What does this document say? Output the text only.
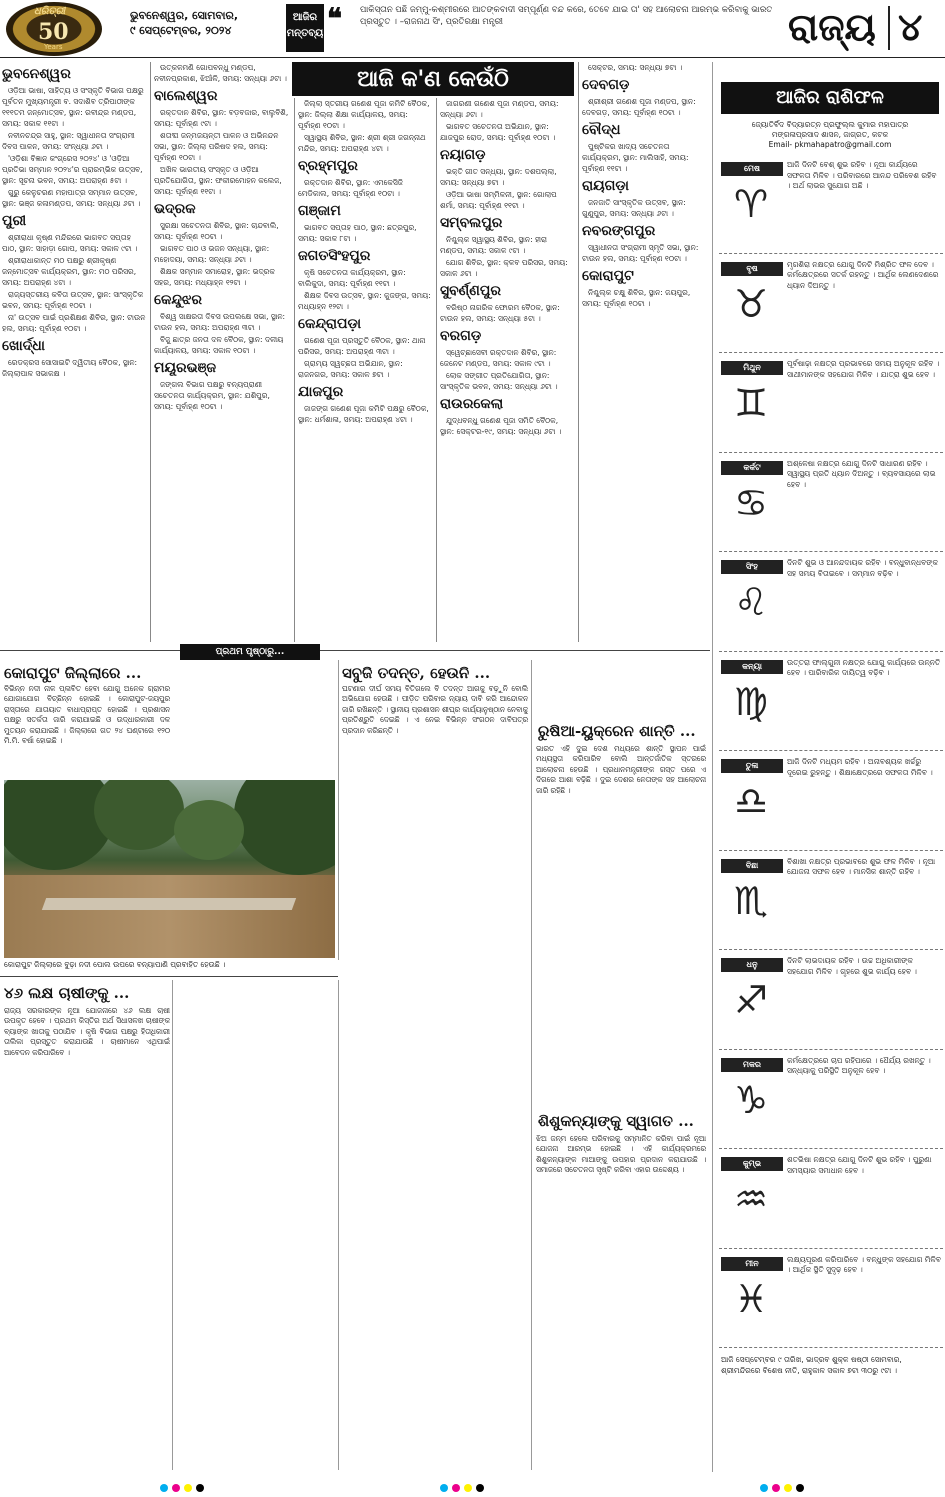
ଧରିତ୍ରୀ
50
Years
ଭୁବନେଶ୍ୱର, ସୋମବାର,
୯ ସେପ୍ଟେମ୍ବର, ୨୦୨୪
ଆଜିର
ମନ୍ତବ୍ୟ ❝ ପାକିସ୍ତାନ ପଛି ଜମ୍ମୁ-କଶ୍ମୀରରେ ଆତଙ୍କବାଦୀ ସମ୍ପୂର୍ଣ୍ଣ ବନ୍ଦ କରେ, ତେବେ ଯାଇ ତା' ସହ ଆଲୋଚନା ଆରମ୍ଭ କରିବାକୁ ଭାରତ ପ୍ରସ୍ତୁତ । –ରାଜନାଥ ସିଂ, ପ୍ରତିରକ୍ଷା ମନ୍ତ୍ରୀ	ରାଜ୍ୟ ୪
ଭୁବନେଶ୍ୱର
ଓଡ଼ିଆ ଭାଷା, ସାହିତ୍ୟ ଓ ସଂସ୍କୃତି ବିଭାଗ ପକ୍ଷରୁ ପୂର୍ବତନ ମୁଖ୍ୟମନ୍ତ୍ରୀ ବ. ସଦାଶିବ ତ୍ରିପାଠୀଙ୍କ ୧୧୧ତମ ଜନ୍ମୋତ୍ସବ, ସ୍ଥାନ: ରବୀନ୍ଦ୍ର ମଣ୍ଡପ, ସମୟ: ସକାଳ ୧୧ଟା ।
ନବୀନଚନ୍ଦ୍ର ସାହୁ, ସ୍ଥାନ: ସ୍ୱାଧୀନତା ସଂଗ୍ରାମୀ ଦିବସ ପାଳନ, ସମୟ: ସଂନ୍ଧ୍ୟା ୬ଟା ।
'ଓଡ଼ିଶା ବିଜ୍ଞାନ କଂଗ୍ରେସ ୨୦୨୪' ଓ 'ଓଡ଼ିଆ ପ୍ରତିଭା ସମ୍ମାନ ୨୦୨୪'ର ପ୍ରାରମ୍ଭିକ ଉତ୍ସବ, ସ୍ଥାନ: ସୂଚନା ଭବନ, ସମୟ: ଅପରାହ୍ଣ ୫ଟା ।
ଗୁରୁ କେଳୁଚରଣ ମହାପାତ୍ର ସମ୍ମାନ ଉତ୍ସବ, ସ୍ଥାନ: ଭଞ୍ଜ କଳାମଣ୍ଡପ, ସମୟ: ସନ୍ଧ୍ୟା ୬ଟା ।
ପୁରୀ
ଶ୍ରୀରାଧା କୃଷ୍ଣ ମନ୍ଦିରରେ ଭାଗବତ ସପ୍ତାହ ପାଠ, ସ୍ଥାନ: ସାହାଡ଼ା ଗୋପ, ସମୟ: ସକାଳ ୯ଟା ।
ଶ୍ରୀରାଧାକାନ୍ତ ମଠ ପକ୍ଷରୁ ଶ୍ରୀକୃଷ୍ଣ ଜନ୍ମୋତ୍ସବ କାର୍ଯ୍ୟକ୍ରମ, ସ୍ଥାନ: ମଠ ପରିସର, ସମୟ: ଅପରାହ୍ଣ ୪ଟା ।
ରାଜ୍ୟସ୍ତରୀୟ କବିତା ଉତ୍ସବ, ସ୍ଥାନ: ସାଂସ୍କୃତିକ ଭବନ, ସମୟ: ପୂର୍ବାହ୍ଣ ୧୦ଟା ।
ନା' ଉତ୍ସବ ପାଇଁ ପ୍ରଶିକ୍ଷଣ ଶିବିର, ସ୍ଥାନ: ଟାଉନ ହଲ, ସମୟ: ପୂର୍ବାହ୍ଣ ୧୦ଟା ।
ଖୋର୍ଦ୍ଧା
ରେଡକ୍ରସ ସୋସାଇଟି ଦ୍ୱିତୀୟ ବୈଠକ, ସ୍ଥାନ: ଜିଲ୍ଲାପାଳ ସଭାକକ୍ଷ ।
ଉତ୍କଳମଣି ଗୋପବନ୍ଧୁ ମଣ୍ଡପ, ନବୀନପ୍ରକାଶ, ଝିଆଁଳି, ସମୟ: ସନ୍ଧ୍ୟା ୬ଟା ।
ବାଲେଶ୍ୱର
ରକ୍ତଦାନ ଶିବିର, ସ୍ଥାନ: ବଡ଼ବଜାର, ବାଲୁବିଶି, ସମୟ: ପୂର୍ବାହ୍ଣ ୯ଟା ।
ଶତାବ୍ଦୀ ଜନ୍ମଜୟନ୍ତୀ ପାଳନ ଓ ଅଭିନନ୍ଦନ ସଭା, ସ୍ଥାନ: ଜିଲ୍ଲା ପରିଷଦ ହଲ, ସମୟ: ପୂର୍ବାହ୍ଣ ୧୦ଟା ।
ଅଖିଳ ଭାରତୀୟ ସଂସ୍କୃତ ଓ ଓଡ଼ିଆ ପ୍ରତିଯୋଗିତା, ସ୍ଥାନ: ଫକୀରମୋହନ କଲେଜ, ସମୟ: ପୂର୍ବାହ୍ଣ ୧୧ଟା ।
ଭଦ୍ରକ
ସୁରକ୍ଷା ସଚେତନତା ଶିବିର, ସ୍ଥାନ: ଚାନ୍ଦବାଲି, ସମୟ: ପୂର୍ବାହ୍ଣ ୧୦ଟା ।
ଭାଗବତ ପାଠ ଓ ଭଜନ ସନ୍ଧ୍ୟା, ସ୍ଥାନ: ମହୋଦୟା, ସମୟ: ସନ୍ଧ୍ୟା ୬ଟା ।
ଶିକ୍ଷକ ସମ୍ମାନ ସମାରୋହ, ସ୍ଥାନ: ଭଦ୍ରକ ସହର, ସମୟ: ମଧ୍ୟାହ୍ନ ୧୨ଟା ।
କେନ୍ଦୁଝର
ବିଶ୍ୱ ସାକ୍ଷରତା ଦିବସ ଉପଲକ୍ଷେ ସଭା, ସ୍ଥାନ: ଟାଉନ ହଲ, ସମୟ: ଅପରାହ୍ଣ ୩ଟା ।
ବିଜୁ ଛାତ୍ର ଜନତା ଦଳ ବୈଠକ, ସ୍ଥାନ: ଦଳୀୟ କାର୍ଯ୍ୟାଳୟ, ସମୟ: ସକାଳ ୧୦ଟା ।
ମୟୂରଭଞ୍ଜ
ଜଙ୍ଗଲ ବିଭାଗ ପକ୍ଷରୁ ବନ୍ୟପ୍ରାଣୀ ସଚେତନତା କାର୍ଯ୍ୟକ୍ରମ, ସ୍ଥାନ: ଯଶିପୁର, ସମୟ: ପୂର୍ବାହ୍ଣ ୧୦ଟା ।
ଜିଲ୍ଲା ସ୍ତରୀୟ ଗଣେଶ ପୂଜା କମିଟି ବୈଠକ, ସ୍ଥାନ: ଜିଲ୍ଲା ଶିକ୍ଷା କାର୍ଯ୍ୟାଳୟ, ସମୟ: ପୂର୍ବାହ୍ଣ ୧୦ଟା ।
ସ୍ୱାସ୍ଥ୍ୟ ଶିବିର, ସ୍ଥାନ: ଶ୍ରୀ ଶ୍ରୀ ଜଗନ୍ନାଥ ମନ୍ଦିର, ସମୟ: ଅପରାହ୍ଣ ୪ଟା ।
ବ୍ରହ୍ମପୁର
ରକ୍ତଦାନ ଶିବିର, ସ୍ଥାନ: ଏମକେସିଜି ମେଡିକାଲ, ସମୟ: ପୂର୍ବାହ୍ଣ ୧୦ଟା ।
ଗଞ୍ଜାମ
ଭାଗବତ ସପ୍ତାହ ପାଠ, ସ୍ଥାନ: ଛତ୍ରପୁର, ସମୟ: ସକାଳ ୮ଟା ।
ଜଗତସିଂହପୁର
କୃଷି ସଚେତନତା କାର୍ଯ୍ୟକ୍ରମ, ସ୍ଥାନ: ବାଲିକୁଦା, ସମୟ: ପୂର୍ବାହ୍ଣ ୧୧ଟା ।
ଶିକ୍ଷକ ଦିବସ ଉତ୍ସବ, ସ୍ଥାନ: କୁଜଙ୍ଗ, ସମୟ: ମଧ୍ୟାହ୍ନ ୧୨ଟା ।
କେନ୍ଦ୍ରାପଡ଼ା
ଗଣେଶ ପୂଜା ପ୍ରସ୍ତୁତି ବୈଠକ, ସ୍ଥାନ: ଥାନା ପରିସର, ସମୟ: ଅପରାହ୍ଣ ୩ଟା ।
ଗ୍ରାମ୍ୟ ସ୍ୱଚ୍ଛତା ଅଭିଯାନ, ସ୍ଥାନ: ରାଜନଗର, ସମୟ: ସକାଳ ୭ଟା ।
ଯାଜପୁର
ଜାଜଙ୍ଗ ଗଣେଶ ପୂଜା କମିଟି ପକ୍ଷରୁ ବୈଠକ, ସ୍ଥାନ: ଧର୍ମଶାଳା, ସମୟ: ଅପରାହ୍ଣ ୪ଟା ।
ଜାଗରଣୀ ଗଣେଶ ପୂଜା ମଣ୍ଡପ, ସମୟ: ସନ୍ଧ୍ୟା ୬ଟା ।
ଭାଗବତ ସଚେତନତା ଅଭିଯାନ, ସ୍ଥାନ: ଯାଜପୁର ରୋଡ, ସମୟ: ପୂର୍ବାହ୍ଣ ୧୦ଟା ।
ନୟାଗଡ଼
ଭକ୍ତି ଗୀତ ସନ୍ଧ୍ୟା, ସ୍ଥାନ: ଦଶପଲ୍ଲା, ସମୟ: ସନ୍ଧ୍ୟା ୭ଟା ।
ଓଡ଼ିଆ ଭାଷା ସମ୍ମିଳନୀ, ସ୍ଥାନ: ଗୋଲାପ ଶର୍ମା, ସମୟ: ପୂର୍ବାହ୍ଣ ୧୧ଟା ।
ସମ୍ବଲପୁର
ନିଶ୍ଚୁଲ୍କ ସ୍ୱାସ୍ଥ୍ୟ ଶିବିର, ସ୍ଥାନ: ହୀରା ମଣ୍ଡପ, ସମୟ: ସକାଳ ୯ଟା ।
ଯୋଗ ଶିବିର, ସ୍ଥାନ: କ୍ଳବ ପରିସର, ସମୟ: ସକାଳ ୬ଟା ।
ସୁବର୍ଣ୍ଣପୁର
ବରିଷ୍ଠ ନାଗରିକ ଫୋରମ ବୈଠକ, ସ୍ଥାନ: ଟାଉନ ହଲ, ସମୟ: ସନ୍ଧ୍ୟା ୫ଟା ।
ବରଗଡ଼
ସ୍ୱେଚ୍ଛାସେବୀ ରକ୍ତଦାନ ଶିବିର, ସ୍ଥାନ: ଜେନେଟ ମଣ୍ଡପ, ସମୟ: ସକାଳ ୯ଟା ।
ଲୋକ ସଙ୍ଗୀତ ପ୍ରତିଯୋଗିତା, ସ୍ଥାନ: ସାଂସ୍କୃତିକ ଭବନ, ସମୟ: ସନ୍ଧ୍ୟା ୬ଟା ।
ରାଉରକେଲା
ଯୁଦ୍ଧବନ୍ଧୁ ଗଣେଶ ପୂଜା ସମିତି ବୈଠକ, ସ୍ଥାନ: ସେକ୍ଟର-୧୯, ସମୟ: ସନ୍ଧ୍ୟା ୬ଟା ।
ସେକ୍ଟର, ସମୟ: ସନ୍ଧ୍ୟା ୭ଟା ।
ଦେବଗଡ଼
ଶ୍ରୀଶ୍ରୀ ଗଣେଶ ପୂଜା ମଣ୍ଡପ, ସ୍ଥାନ: ଦେବଗଡ଼, ସମୟ: ପୂର୍ବାହ୍ଣ ୧୦ଟା ।
ବୌଦ୍ଧ
ପୁଷ୍ଟିକର ଖାଦ୍ୟ ସଚେତନତା କାର୍ଯ୍ୟକ୍ରମ, ସ୍ଥାନ: ମାଲିସାହି, ସମୟ: ପୂର୍ବାହ୍ଣ ୧୧ଟା ।
ରାୟଗଡ଼ା
ଜନଜାତି ସାଂସ୍କୃତିକ ଉତ୍ସବ, ସ୍ଥାନ: ଗୁଣୁପୁର, ସମୟ: ସନ୍ଧ୍ୟା ୬ଟା ।
ନବରଙ୍ଗପୁର
ସ୍ୱାଧୀନତା ସଂଗ୍ରାମୀ ସ୍ମୃତି ସଭା, ସ୍ଥାନ: ଟାଉନ ହଲ, ସମୟ: ପୂର୍ବାହ୍ଣ ୧୦ଟା ।
କୋରାପୁଟ
ନିଶ୍ଚୁଲ୍କ ଚକ୍ଷୁ ଶିବିର, ସ୍ଥାନ: ଜୟପୁର, ସମୟ: ପୂର୍ବାହ୍ଣ ୧୦ଟା ।
ଆଜି କ'ଣ କେଉଁଠି
ଆଜିର ରାଶିଫଳ
ଜ୍ୟୋତିର୍ବିଦ ବିଦ୍ୟାରତ୍ନ ପ୍ରଫୁଲ୍ଲ କୁମାର ମହାପାତ୍ର
ମଙ୍ଗଳାପ୍ରସାଦ ଶାସନ, ଜାଗ୍ରତ, କଟକ
Email- pkmahapatro@gmail.com
ମେଷ
♈
ଆଜି ଦିନଟି ବେଶ୍ ଶୁଭ ରହିବ । ନୂଆ କାର୍ଯ୍ୟରେ ସଫଳତା ମିଳିବ । ପରିବାରରେ ଆନନ୍ଦ ପରିବେଶ ରହିବ । ଅର୍ଥ ଲାଭର ସୁଯୋଗ ଅଛି ।
ବୃଷ
♉
ମୃଗଶିରା ନକ୍ଷତ୍ର ଯୋଗୁ ଦିନଟି ମିଶ୍ରିତ ଫଳ ଦେବ । କର୍ମକ୍ଷେତ୍ରରେ ସତର୍କ ରହନ୍ତୁ । ଆର୍ଥିକ ଲେଣଦେଣରେ ଧ୍ୟାନ ଦିଅନ୍ତୁ ।
ମିଥୁନ
♊
ପୂର୍ବଷାଢ଼ା ନକ୍ଷତ୍ର ପ୍ରଭାବରେ ସମୟ ଅନୁକୂଳ ରହିବ । ସାଥୀମାନଙ୍କ ସହଯୋଗ ମିଳିବ । ଯାତ୍ରା ଶୁଭ ହେବ ।
କର୍କଟ
♋
ଅଶ୍ଳେଷା ନକ୍ଷତ୍ର ଯୋଗୁ ଦିନଟି ସାଧାରଣ ରହିବ । ସ୍ୱାସ୍ଥ୍ୟ ପ୍ରତି ଧ୍ୟାନ ଦିଅନ୍ତୁ । ବ୍ୟବସାୟରେ ଲାଭ ହେବ ।
ସିଂହ
♌
ଦିନଟି ଶୁଭ ଓ ଆନନ୍ଦଦାୟକ ରହିବ । ବନ୍ଧୁବାନ୍ଧବଙ୍କ ସହ ସମୟ ବିତାଇବେ । ସମ୍ମାନ ବଢ଼ିବ ।
କନ୍ୟା
♍
ଉତ୍ତରା ଫାଲ୍ଗୁନୀ ନକ୍ଷତ୍ର ଯୋଗୁ କାର୍ଯ୍ୟରେ ଉନ୍ନତି ହେବ । ପାରିବାରିକ ଦାୟିତ୍ୱ ବଢ଼ିବ ।
ତୁଳା
♎
ଆଜି ଦିନଟି ମଧ୍ୟମ ରହିବ । ଅନାବଶ୍ୟକ ଖର୍ଚ୍ଚରୁ ଦୂରେଇ ରୁହନ୍ତୁ । ଶିକ୍ଷାକ୍ଷେତ୍ରରେ ସଫଳତା ମିଳିବ ।
ବିଛା
♏
ବିଶାଖା ନକ୍ଷତ୍ର ପ୍ରଭାବରେ ଶୁଭ ଫଳ ମିଳିବ । ନୂଆ ଯୋଜନା ସଫଳ ହେବ । ମାନସିକ ଶାନ୍ତି ରହିବ ।
ଧନୁ
♐
ଦିନଟି ଲାଭଦାୟକ ରହିବ । ଉଚ୍ଚ ଅଧିକାରୀଙ୍କ ସହଯୋଗ ମିଳିବ । ଗୃହରେ ଶୁଭ କାର୍ଯ୍ୟ ହେବ ।
ମକର
♑
କର୍ମକ୍ଷେତ୍ରରେ ଚାପ ରହିପାରେ । ଧୈର୍ଯ୍ୟ ରଖନ୍ତୁ । ସନ୍ଧ୍ୟାକୁ ପରିସ୍ଥିତି ଅନୁକୂଳ ହେବ ।
କୁମ୍ଭ
♒
ଶତଭିଷା ନକ୍ଷତ୍ର ଯୋଗୁ ଦିନଟି ଶୁଭ ରହିବ । ପୁରୁଣା ସମସ୍ୟାର ସମାଧାନ ହେବ ।
ମୀନ
♓
ଲକ୍ଷ୍ୟପୂରଣ କରିପାରିବେ । ବନ୍ଧୁଙ୍କ ସହଯୋଗ ମିଳିବ । ଆର୍ଥିକ ସ୍ଥିତି ସୁଦୃଢ଼ ହେବ ।
ଆଜି ସେପ୍ଟେମ୍ବର ୯ ତାରିଖ, ଭାଦ୍ରବ ଶୁକ୍ଳ ଷଷ୍ଠୀ ସୋମବାର, ଶ୍ରୀମନ୍ଦିରରେ ବିଶେଷ ନୀତି, ରାହୁକାଳ ସକାଳ ୭ଟା ୩୦ରୁ ୯ଟା ।
ପ୍ରଥମ ପୃଷ୍ଠାରୁ...
କୋରାପୁଟ ଜିଲ୍ଲାରେ ...
ବିଭିନ୍ନ ନଦୀ ନାଳ ପ୍ଳାବିତ ହେବା ଯୋଗୁ ଅନେକ ଗ୍ରାମର ଯୋଗାଯୋଗ ବିଚ୍ଛିନ୍ନ ହୋଇଛି । କୋରାପୁଟ-ଜୟପୁର ରାସ୍ତାରେ ଯାତାୟାତ ବାଧାପ୍ରାପ୍ତ ହୋଇଛି । ପ୍ରଶାସନ ପକ୍ଷରୁ ସତର୍କତା ଜାରି କରାଯାଇଛି ଓ ଉଦ୍ଧାରକାରୀ ଦଳ ମୁତୟନ କରାଯାଇଛି । ଜିଲ୍ଲାରେ ଗତ ୨୪ ଘଣ୍ଟାରେ ୧୨୦ ମି.ମି. ବର୍ଷା ହୋଇଛି ।
କୋରାପୁଟ ଜିଲ୍ଲାରେ ବୁଢ଼ା ନଦୀ ପୋଲ ଉପରେ ବନ୍ୟାପାଣି ପ୍ରବାହିତ ହେଉଛି ।
ସବୁଜି ତଦନ୍ତ, ହେଉନି ...
ଘଟଣାର ଦୀର୍ଘ ସମୟ ବିତିଗଲେ ବି ତଦନ୍ତ ଆଗକୁ ବଢ଼ୁନି ବୋଲି ଅଭିଯୋଗ ହେଉଛି । ପୀଡ଼ିତ ପରିବାର ନ୍ୟାୟ ଦାବି କରି ଆନ୍ଦୋଳନ ଜାରି ରଖିଛନ୍ତି । ସ୍ଥାନୀୟ ପ୍ରଶାସନ ଶୀଘ୍ର କାର୍ଯ୍ୟାନୁଷ୍ଠାନ ନେବାକୁ ପ୍ରତିଶ୍ରୁତି ଦେଇଛି । ଏ ନେଇ ବିଭିନ୍ନ ସଂଗଠନ ଦାବିପତ୍ର ପ୍ରଦାନ କରିଛନ୍ତି ।	ରୁଷିଆ-ୟୁକ୍ରେନ ଶାନ୍ତି ...
ଭାରତ ଏହି ଦୁଇ ଦେଶ ମଧ୍ୟରେ ଶାନ୍ତି ସ୍ଥାପନ ପାଇଁ ମଧ୍ୟସ୍ଥତା କରିପାରିବ ବୋଲି ଆନ୍ତର୍ଜାତିକ ସ୍ତରରେ ଆଲୋଚନା ହେଉଛି । ପ୍ରଧାନମନ୍ତ୍ରୀଙ୍କ ଗସ୍ତ ପରେ ଏ ଦିଗରେ ଆଶା ବଢ଼ିଛି । ଦୁଇ ଦେଶର ନେତାଙ୍କ ସହ ଆଲୋଚନା ଜାରି ରହିଛି ।
୪୬ ଲକ୍ଷ ଚାଷୀଙ୍କୁ ...
ରାଜ୍ୟ ସରକାରଙ୍କ ନୂଆ ଯୋଜନାରେ ୪୬ ଲକ୍ଷ ଚାଷୀ ଉପକୃତ ହେବେ । ପ୍ରଥମ କିସ୍ତିର ଅର୍ଥ ସିଧାସଳଖ ଚାଷୀଙ୍କ ବ୍ୟାଙ୍କ ଖାତାକୁ ପଠାଯିବ । କୃଷି ବିଭାଗ ପକ୍ଷରୁ ହିତାଧିକାରୀ ତାଲିକା ପ୍ରସ୍ତୁତ କରାଯାଉଛି । ଚାଷୀମାନେ ଏଥିପାଇଁ ଆବେଦନ କରିପାରିବେ ।
ଶିଶୁକନ୍ୟାଙ୍କୁ ସ୍ୱାଗତ ...
ଝିଅ ଜନ୍ମ ହେଲେ ପରିବାରକୁ ସମ୍ମାନିତ କରିବା ପାଇଁ ନୂଆ ଯୋଜନା ଆରମ୍ଭ ହୋଇଛି । ଏହି କାର୍ଯ୍ୟକ୍ରମରେ ଶିଶୁକନ୍ୟାଙ୍କ ମାଆଙ୍କୁ ଉପହାର ପ୍ରଦାନ କରାଯାଉଛି । ସମାଜରେ ସଚେତନତା ସୃଷ୍ଟି କରିବା ଏହାର ଉଦ୍ଦେଶ୍ୟ ।
